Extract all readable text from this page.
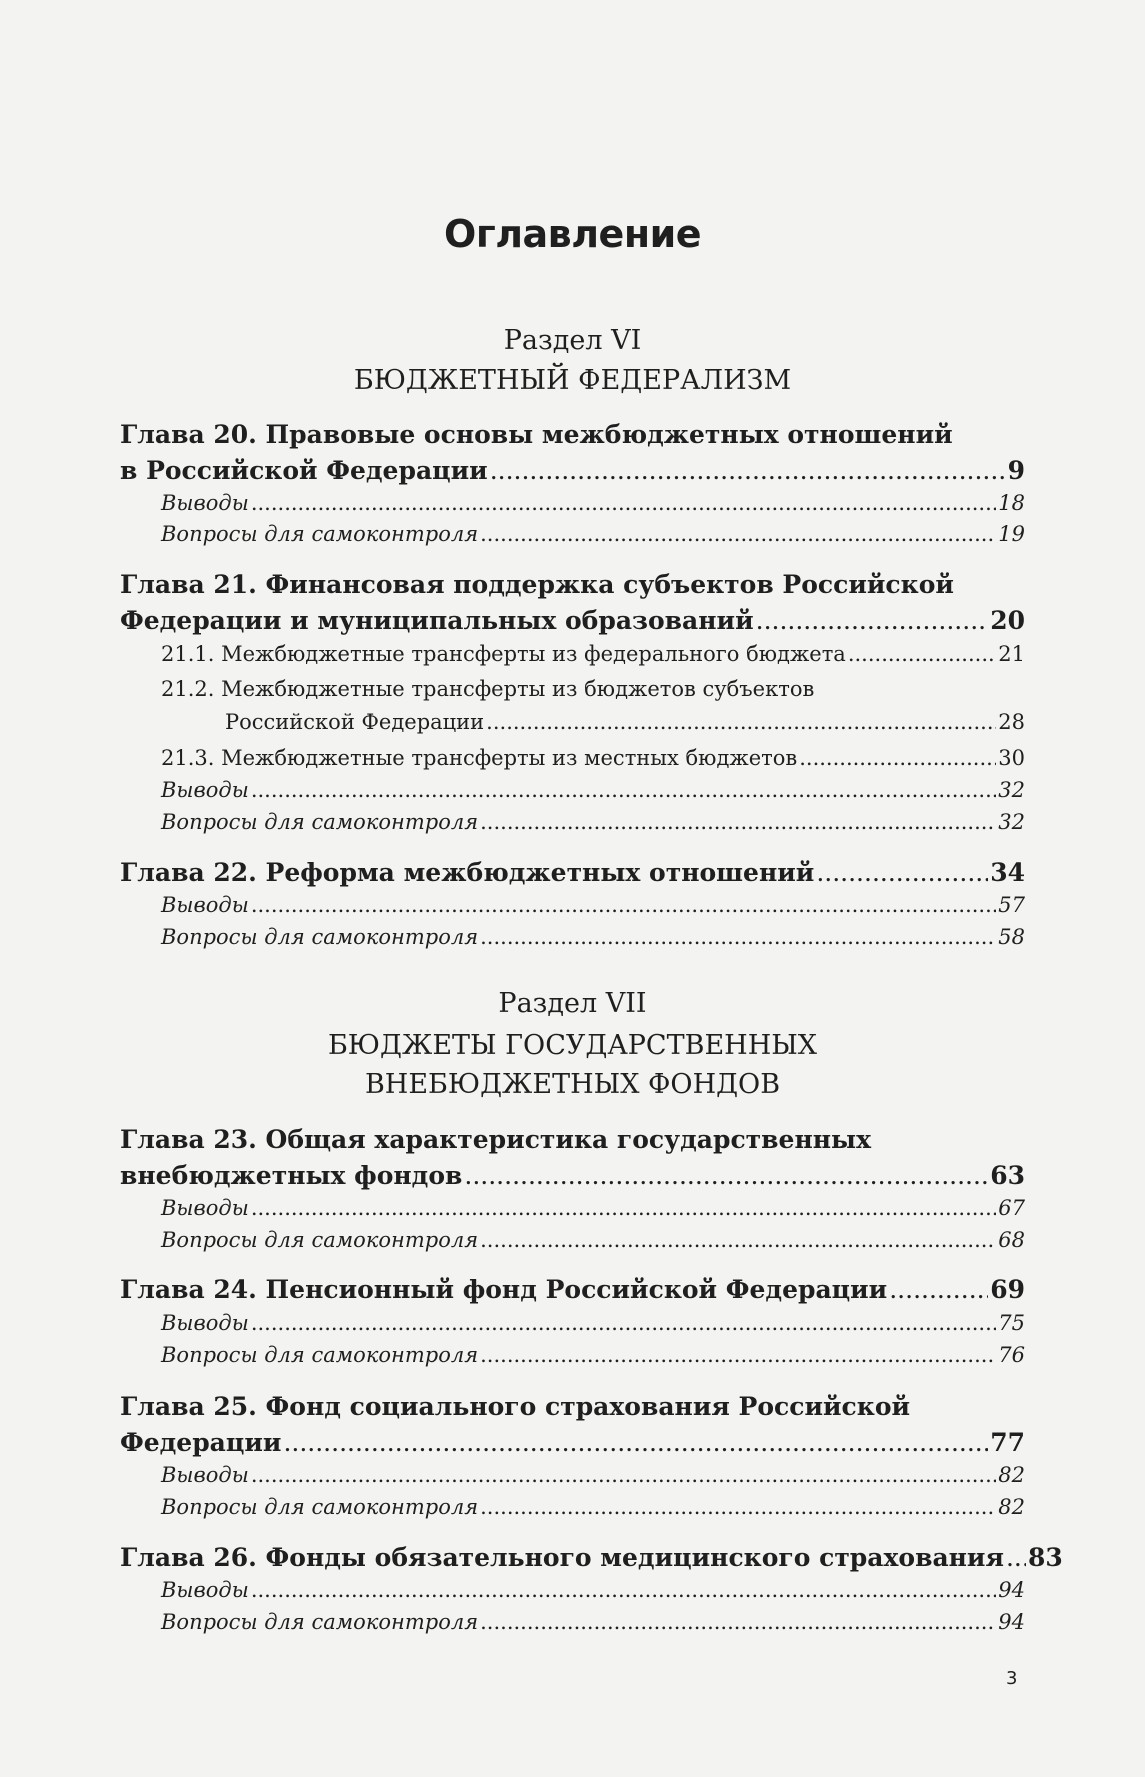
Оглавление
Раздел VI
БЮДЖЕТНЫЙ ФЕДЕРАЛИЗМ
Глава 20. Правовые основы межбюджетных отношений
в Российской Федерации .....	9
Выводы .....	18
Вопросы для самоконтроля .....	19
Глава 21. Финансовая поддержка субъектов Российской
Федерации и муниципальных образований .....	20
21.1. Межбюджетные трансферты из федерального бюджета .....	21
21.2. Межбюджетные трансферты из бюджетов субъектов
Российской Федерации .....	28
21.3. Межбюджетные трансферты из местных бюджетов .....	30
Выводы .....	32
Вопросы для самоконтроля .....	32
Глава 22. Реформа межбюджетных отношений .....	34
Выводы .....	57
Вопросы для самоконтроля .....	58
Раздел VII
БЮДЖЕТЫ ГОСУДАРСТВЕННЫХ
ВНЕБЮДЖЕТНЫХ ФОНДОВ
Глава 23. Общая характеристика государственных
внебюджетных фондов .....	63
Выводы .....	67
Вопросы для самоконтроля .....	68
Глава 24. Пенсионный фонд Российской Федерации .....	69
Выводы .....	75
Вопросы для самоконтроля .....	76
Глава 25. Фонд социального страхования Российской
Федерации .....	77
Выводы .....	82
Вопросы для самоконтроля .....	82
Глава 26. Фонды обязательного медицинского страхования ..... 83
Выводы .....	94
Вопросы для самоконтроля .....	94
3
